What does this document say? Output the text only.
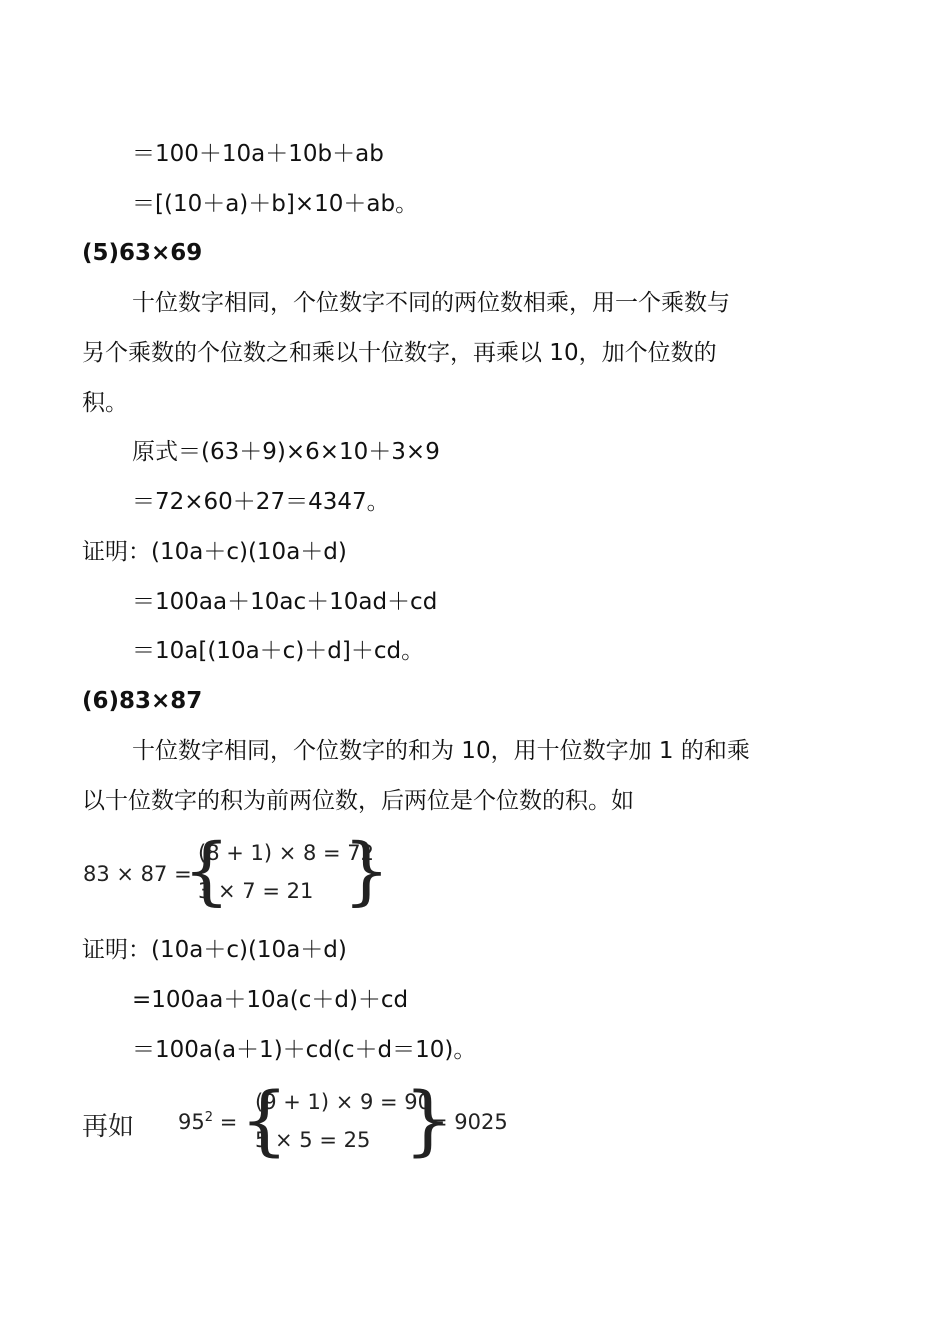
＝100＋10a＋10b＋ab
＝[(10＋a)＋b]×10＋ab。
(5)63×69
十位数字相同，个位数字不同的两位数相乘，用一个乘数与
另个乘数的个位数之和乘以十位数字，再乘以 10，加个位数的
积。
原式＝(63＋9)×6×10＋3×9
＝72×60＋27＝4347。
证明：(10a＋c)(10a＋d)
＝100aa＋10ac＋10ad＋cd
＝10a[(10a＋c)＋d]＋cd。
(6)83×87
十位数字相同，个位数字的和为 10，用十位数字加 1 的和乘
以十位数字的积为前两位数，后两位是个位数的积。如
83 × 87 =
{
(8 + 1) × 8 = 72
3 × 7 = 21 }
证明：(10a＋c)(10a＋d)
=100aa＋10a(c＋d)＋cd
＝100a(a＋1)＋cd(c＋d＝10)。
再如 $95^2$ = {
(9 + 1) × 9 = 90
5 × 5 = 25 }
= 9025
